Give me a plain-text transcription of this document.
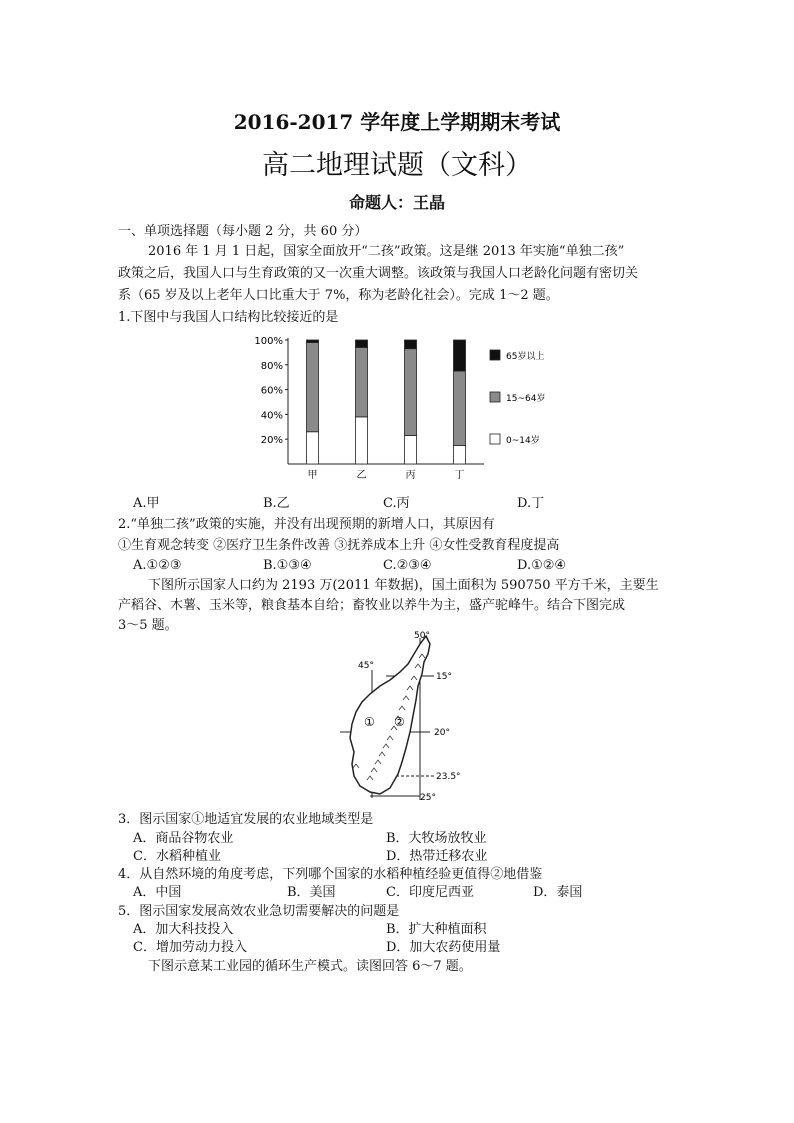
2016-2017 学年度上学期期末考试
高二地理试题（文科）
命题人：王晶
一、单项选择题（每小题 2 分，共 60 分）
2016 年 1 月 1 日起，国家全面放开“二孩”政策。这是继 2013 年实施“单独二孩”
政策之后，我国人口与生育政策的又一次重大调整。该政策与我国人口老龄化问题有密切关
系（65 岁及以上老年人口比重大于 7%，称为老龄化社会）。完成 1～2 题。
1.下图中与我国人口结构比较接近的是
20%
40%
60%
80%
100%
甲	乙	丙	丁
65岁以上
15~64岁
0~14岁
A.甲	B.乙	C.丙	D.丁
2.“单独二孩”政策的实施，并没有出现预期的新增人口，其原因有
①生育观念转变 ②医疗卫生条件改善 ③抚养成本上升 ④女性受教育程度提高
A.①②③	B.①③④	C.②③④	D.①②④
下图所示国家人口约为 2193 万(2011 年数据)，国土面积为 590750 平方千米，主要生
产稻谷、木薯、玉米等，粮食基本自给；畜牧业以养牛为主，盛产驼峰牛。结合下图完成
3～5 题。
50°
45°
15°
20°
23.5°
25°
① ②
3．图示国家①地适宜发展的农业地域类型是
A．商品谷物农业	B．大牧场放牧业
C．水稻种植业	D．热带迁移农业
4．从自然环境的角度考虑，下列哪个国家的水稻种植经验更值得②地借鉴
A．中国	B．美国	C．印度尼西亚	D．泰国
5．图示国家发展高效农业急切需要解决的问题是
A．加大科技投入	B．扩大种植面积
C．增加劳动力投入	D．加大农药使用量
下图示意某工业园的循环生产模式。读图回答 6～7 题。
